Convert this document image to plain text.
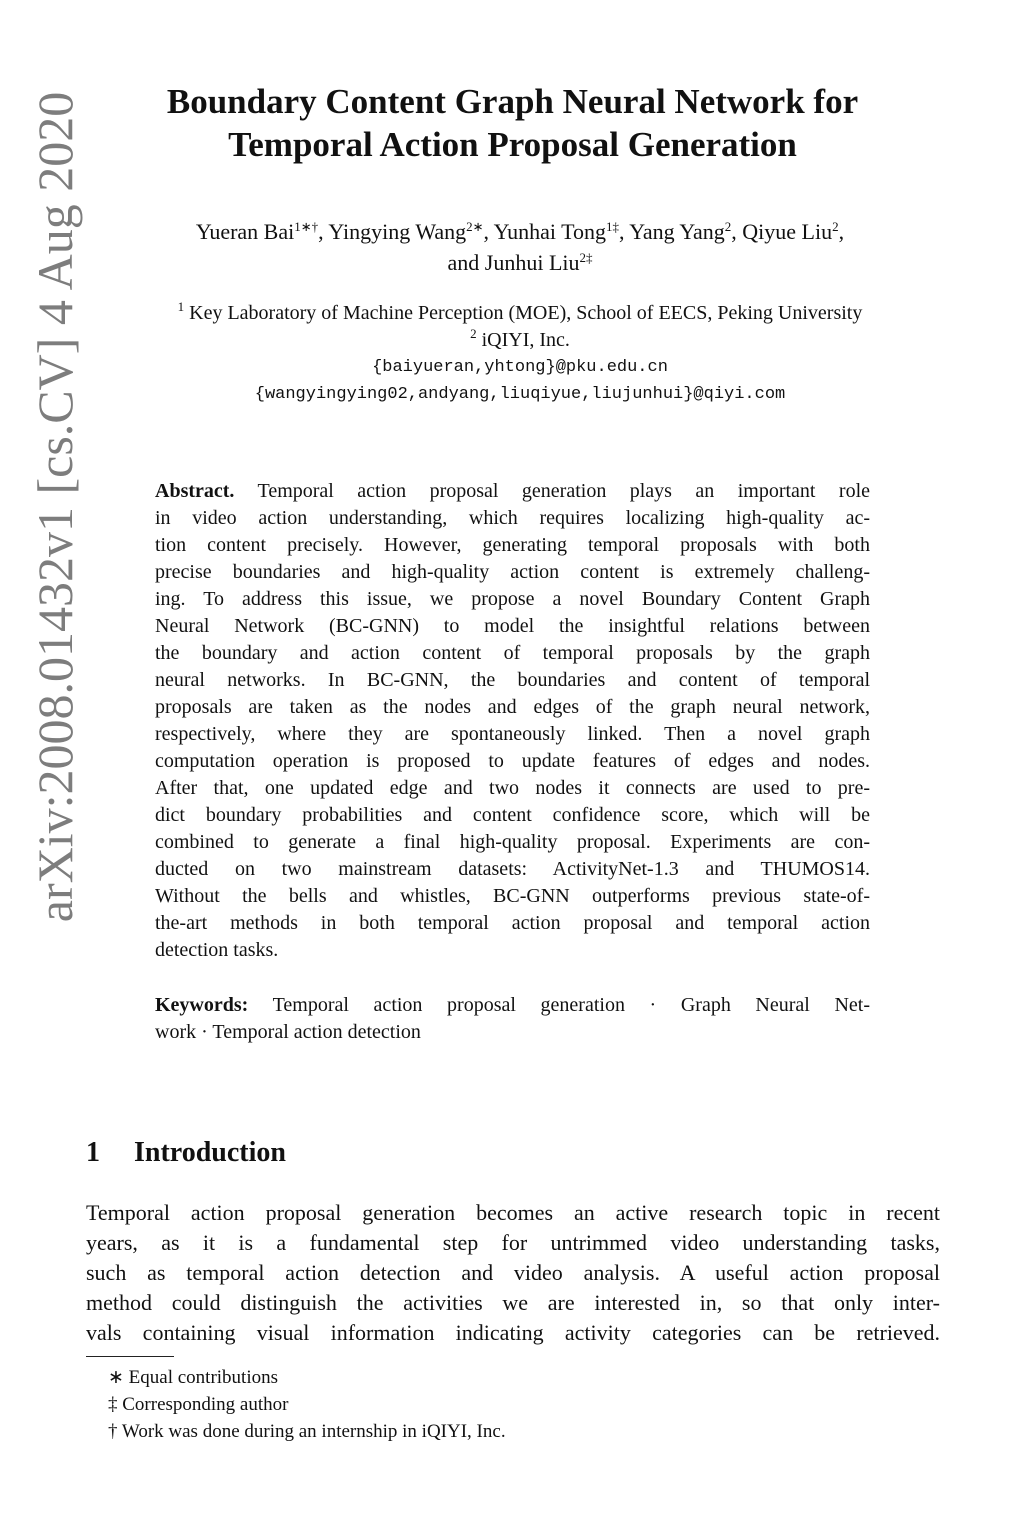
arXiv:2008.01432v1 [cs.CV] 4 Aug 2020	Boundary Content Graph Neural Network for
Temporal Action Proposal Generation
Yueran Bai$^{1∗\dagger}$, Yingying Wang$^{2∗}$, Yunhai Tong$^{1\ddagger}$, Yang Yang$^2$, Qiyue Liu$^2$,
and Junhui Liu$^{2\ddagger}$
$^1$ Key Laboratory of Machine Perception (MOE), School of EECS, Peking University
$^2$ iQIYI, Inc.
{baiyueran,yhtong}@pku.edu.cn
{wangyingying02,andyang,liuqiyue,liujunhui}@qiyi.com
Abstract. Temporal action proposal generation plays an important role
in video action understanding, which requires localizing high-quality ac-
tion content precisely. However, generating temporal proposals with both
precise boundaries and high-quality action content is extremely challeng-
ing. To address this issue, we propose a novel Boundary Content Graph
Neural Network (BC-GNN) to model the insightful relations between
the boundary and action content of temporal proposals by the graph
neural networks. In BC-GNN, the boundaries and content of temporal
proposals are taken as the nodes and edges of the graph neural network,
respectively, where they are spontaneously linked. Then a novel graph
computation operation is proposed to update features of edges and nodes.
After that, one updated edge and two nodes it connects are used to pre-
dict boundary probabilities and content confidence score, which will be
combined to generate a final high-quality proposal. Experiments are con-
ducted on two mainstream datasets: ActivityNet-1.3 and THUMOS14.
Without the bells and whistles, BC-GNN outperforms previous state-of-
the-art methods in both temporal action proposal and temporal action
detection tasks.
Keywords: Temporal action proposal generation · Graph Neural Net-
work · Temporal action detection
1 Introduction
Temporal action proposal generation becomes an active research topic in recent
years, as it is a fundamental step for untrimmed video understanding tasks,
such as temporal action detection and video analysis. A useful action proposal
method could distinguish the activities we are interested in, so that only inter-
vals containing visual information indicating activity categories can be retrieved.
∗ Equal contributions
‡ Corresponding author
† Work was done during an internship in iQIYI, Inc.
